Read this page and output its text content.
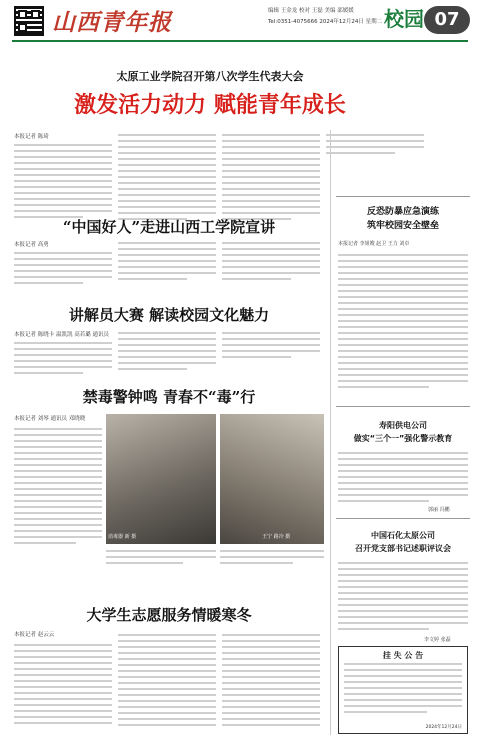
山西青年报	编辑 王金龙 校对 王磊 美编 邵媛媛
Tel:0351-4075666 2024年12月24日 星期二 校园 07
太原工业学院召开第八次学生代表大会
激发活力动力 赋能青年成长
本报记者 陈琦
“中国好人”走进山西工学院宣讲
本报记者 高勇
讲解员大赛 解读校园文化魅力
本报记者 陈晓卡 温凯凯 高若璐 通讯员
禁毒警钟鸣 青春不“毒”行
本报记者 刘琴 通讯员 邓晓晓
消毒器 新 摄	王宁 路冷 摄
大学生志愿服务情暖寒冬
本报记者 赵云云
反恐防暴应急演练
筑牢校园安全壁垒
本报记者 李姐嫂 赵卫 王力 刘卓
寿阳供电公司
做实“三个一”强化警示教育
郭丽 冯鹏
中国石化太原公司
召开党支部书记述职评议会
李文婷 张磊
挂 失 公 告
2024年12月24日
